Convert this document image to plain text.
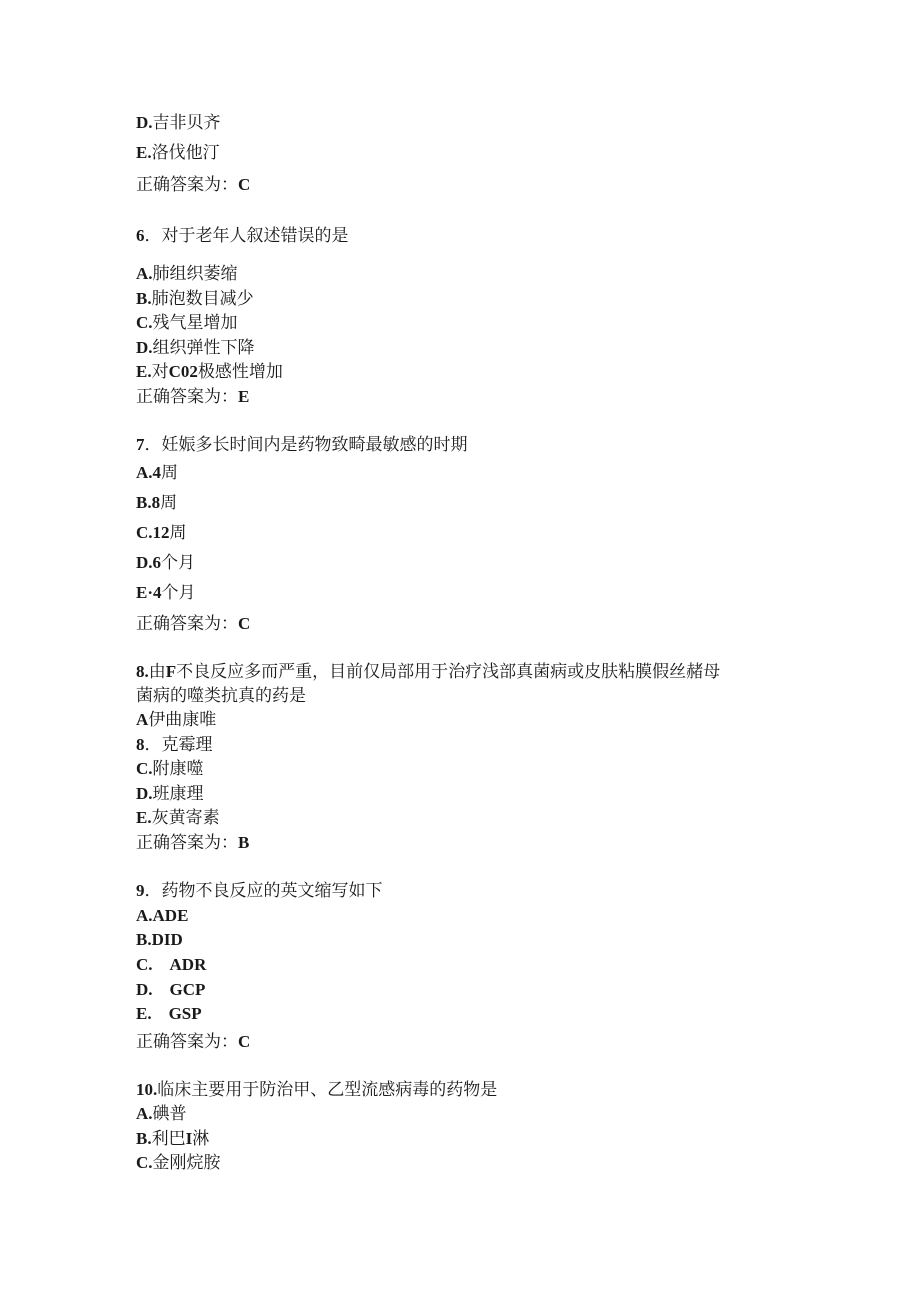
D.吉非贝齐
E.洛伐他汀
正确答案为：C
6．对于老年人叙述错误的是
A.肺组织萎缩
B.肺泡数目减少
C.残气星增加
D.组织弹性下降
E.对C02极感性增加
正确答案为：E
7．妊娠多长时间内是药物致畸最敏感的时期
A.4周
B.8周
C.12周
D.6个月
E·4个月
正确答案为：C
8.由F不良反应多而严重，目前仅局部用于治疗浅部真菌病或皮肤粘膜假丝赭母
菌病的噬类抗真的药是
A伊曲康唯
8．克霉理
C.附康噬
D.班康理
E.灰黄寄素
正确答案为：B
9．药物不良反应的英文缩写如下
A.ADE
B.DID
C.　ADR
D.　GCP
E.　GSP
正确答案为：C
10.临床主要用于防治甲、乙型流感病毒的药物是
A.碘普
B.利巴I淋
C.金刚烷胺
